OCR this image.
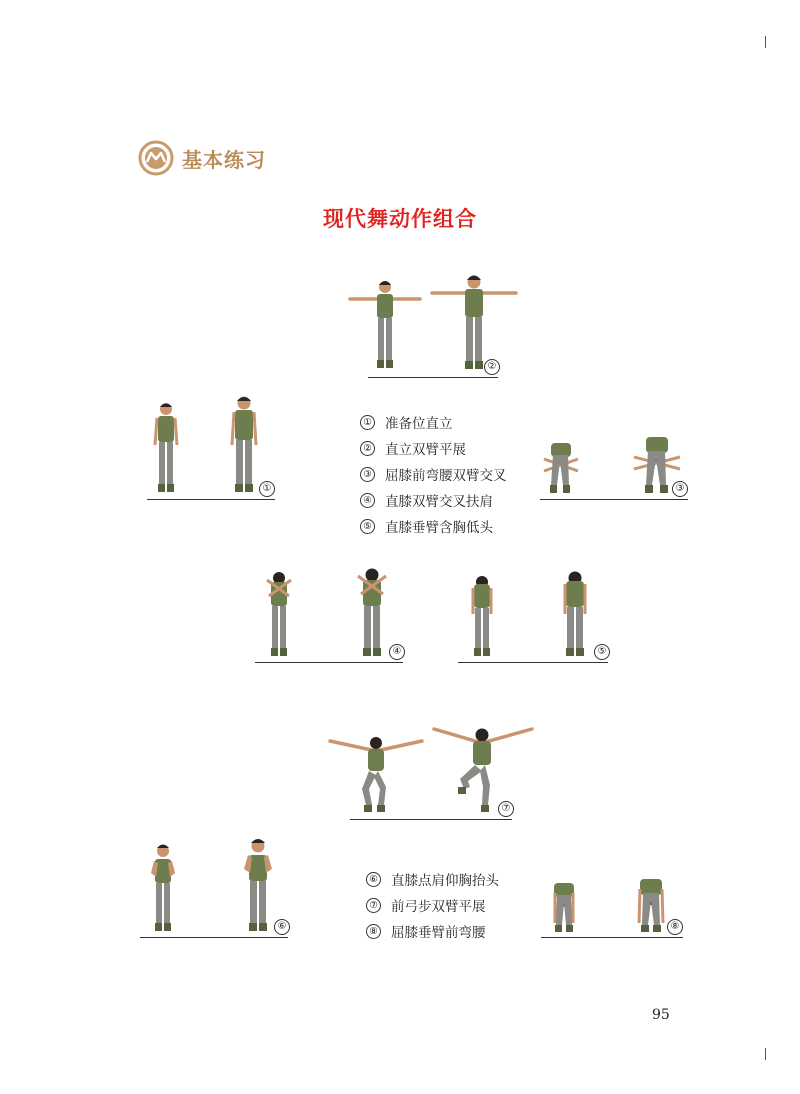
基本练习
现代舞动作组合
②
①
① 准备位直立
② 直立双臂平展
③ 屈膝前弯腰双臂交叉
④ 直膝双臂交叉扶肩
⑤ 直膝垂臂含胸低头
③
④	⑤
⑦
⑥
⑥ 直膝点肩仰胸抬头
⑦ 前弓步双臂平展
⑧ 屈膝垂臂前弯腰	⑧
95
